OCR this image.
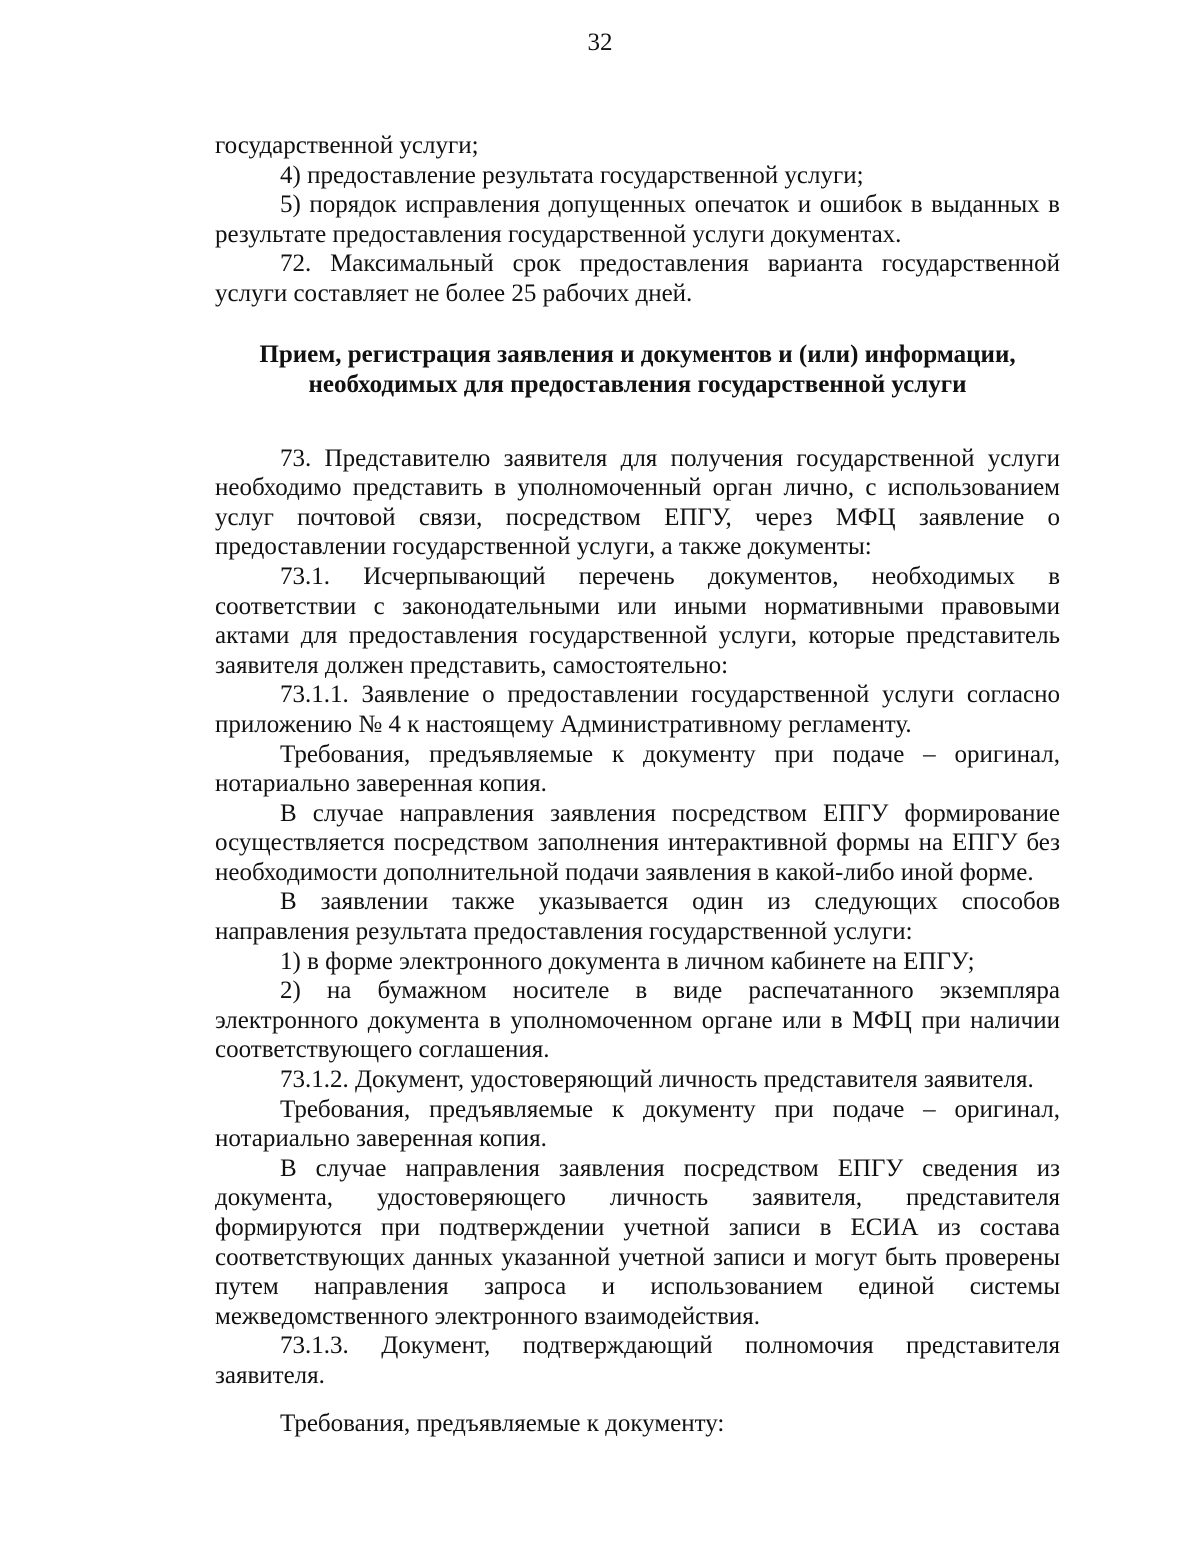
32

государственной услуги;

4) предоставление результата государственной услуги;

5) порядок исправления допущенных опечаток и ошибок в выданных в результате предоставления государственной услуги документах.

72. Максимальный срок предоставления варианта государственной услуги составляет не более 25 рабочих дней.

Прием, регистрация заявления и документов и (или) информации,
необходимых для предоставления государственной услуги

73. Представителю заявителя для получения государственной услуги необходимо представить в уполномоченный орган лично, с использованием услуг почтовой связи, посредством ЕПГУ, через МФЦ заявление о предоставлении государственной услуги, а также документы:

73.1. Исчерпывающий перечень документов, необходимых в соответствии с законодательными или иными нормативными правовыми актами для предоставления государственной услуги, которые представитель заявителя должен представить, самостоятельно:

73.1.1. Заявление о предоставлении государственной услуги согласно приложению № 4 к настоящему Административному регламенту.

Требования, предъявляемые к документу при подаче – оригинал, нотариально заверенная копия.

В случае направления заявления посредством ЕПГУ формирование осуществляется посредством заполнения интерактивной формы на ЕПГУ без необходимости дополнительной подачи заявления в какой-либо иной форме.

В заявлении также указывается один из следующих способов направления результата предоставления государственной услуги:

1) в форме электронного документа в личном кабинете на ЕПГУ;

2) на бумажном носителе в виде распечатанного экземпляра электронного документа в уполномоченном органе или в МФЦ при наличии соответствующего соглашения.

73.1.2. Документ, удостоверяющий личность представителя заявителя.

Требования, предъявляемые к документу при подаче – оригинал, нотариально заверенная копия.

В случае направления заявления посредством ЕПГУ сведения из документа, удостоверяющего личность заявителя, представителя формируются при подтверждении учетной записи в ЕСИА из состава соответствующих данных указанной учетной записи и могут быть проверены путем направления запроса и использованием единой системы межведомственного электронного взаимодействия.

73.1.3. Документ, подтверждающий полномочия представителя заявителя.

Требования, предъявляемые к документу:
